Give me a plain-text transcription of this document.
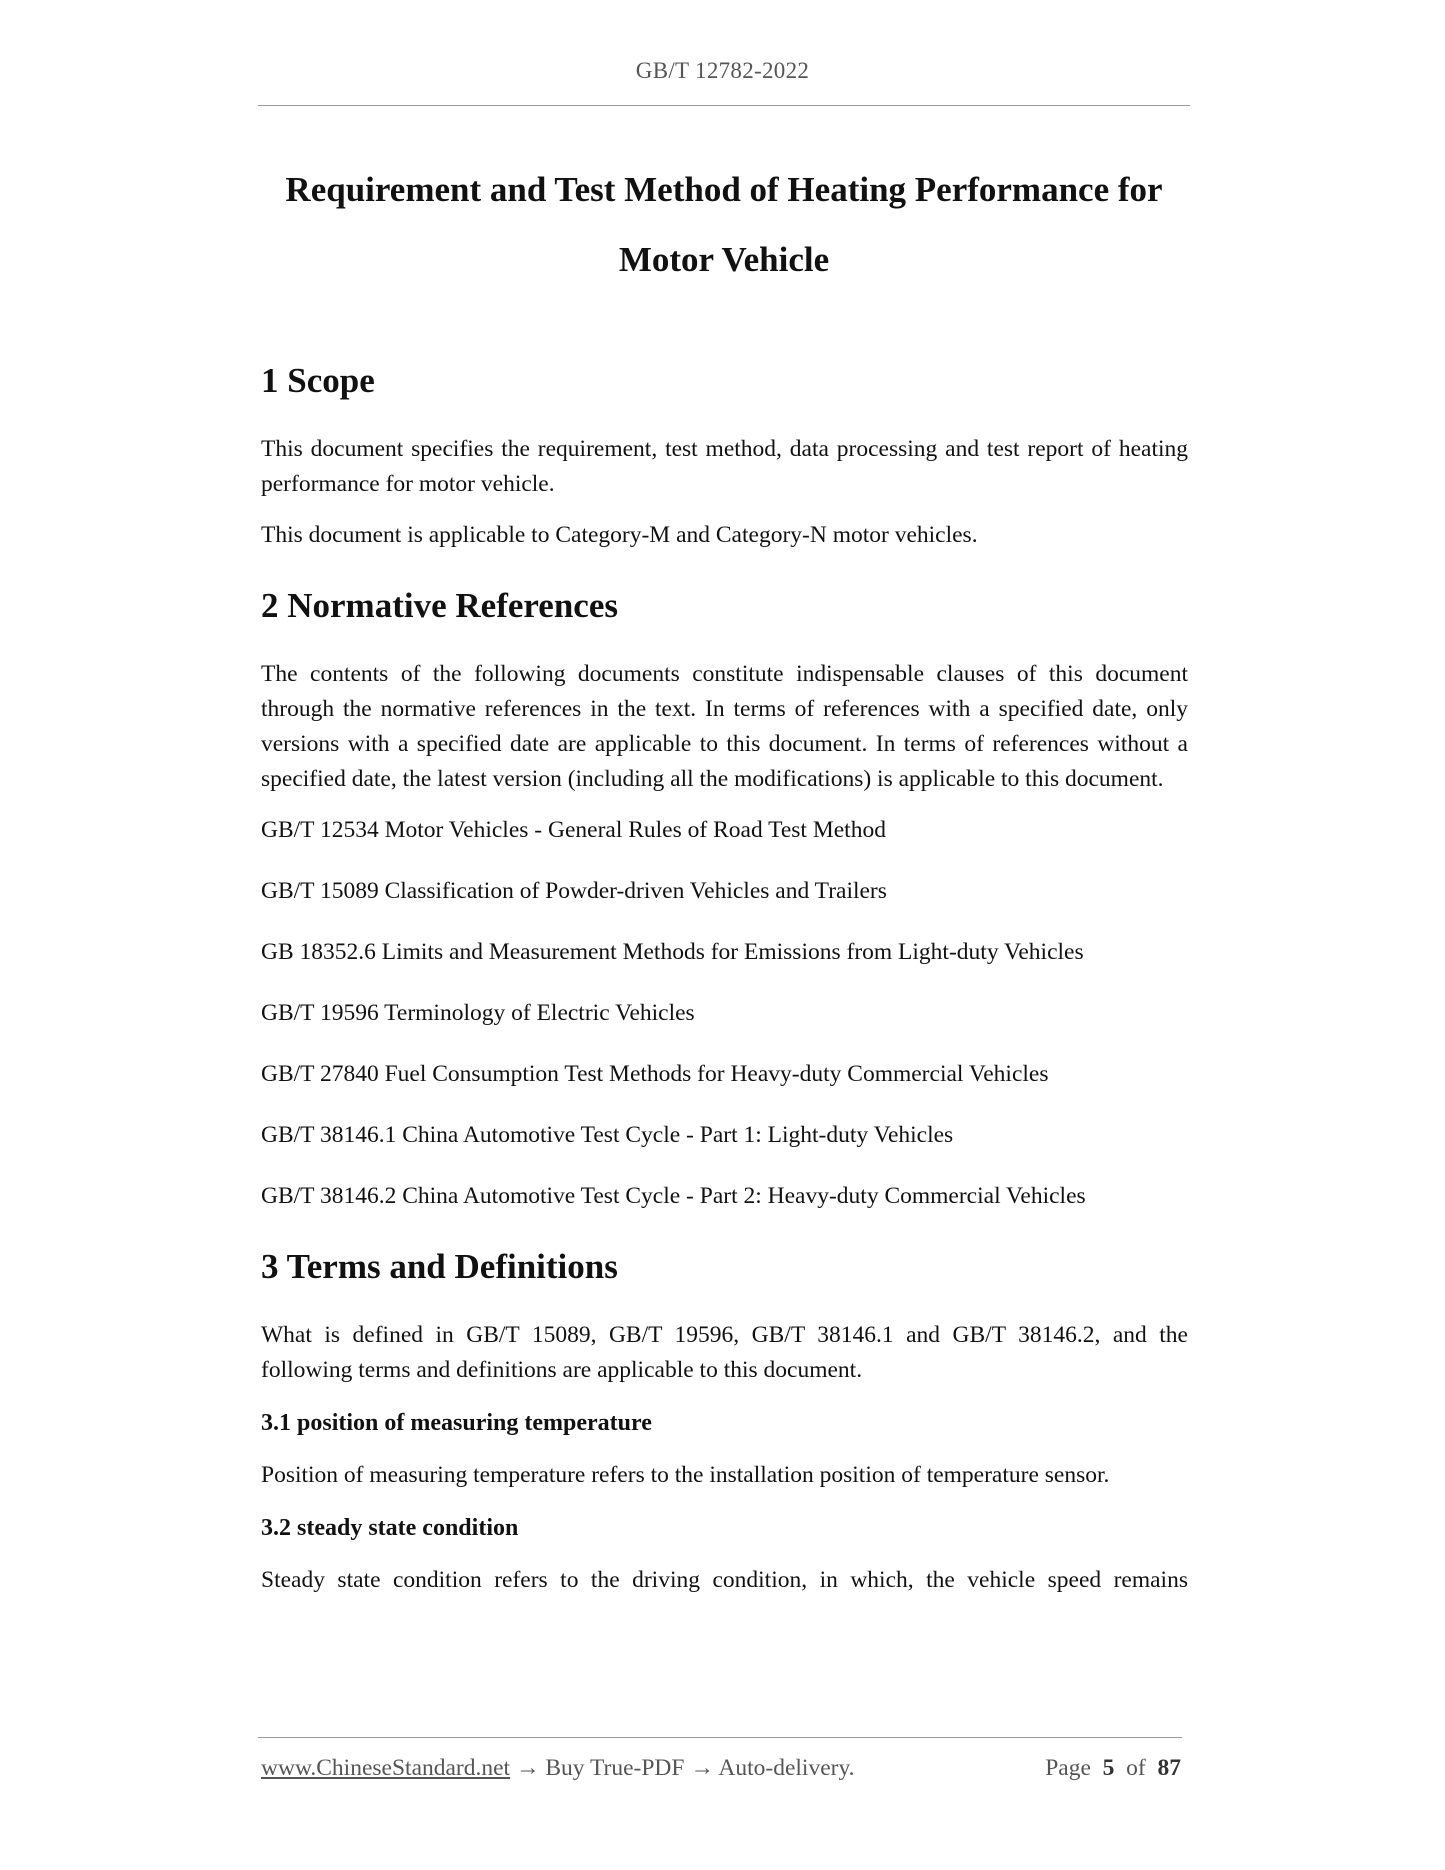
GB/T 12782-2022
Requirement and Test Method of Heating Performance for
Motor Vehicle
1 Scope

This document specifies the requirement, test method, data processing and test report of heating performance for motor vehicle.

This document is applicable to Category-M and Category-N motor vehicles.

2 Normative References

The contents of the following documents constitute indispensable clauses of this document through the normative references in the text. In terms of references with a specified date, only versions with a specified date are applicable to this document. In terms of references without a specified date, the latest version (including all the modifications) is applicable to this document.

GB/T 12534 Motor Vehicles - General Rules of Road Test Method

GB/T 15089 Classification of Powder-driven Vehicles and Trailers

GB 18352.6 Limits and Measurement Methods for Emissions from Light-duty Vehicles

GB/T 19596 Terminology of Electric Vehicles

GB/T 27840 Fuel Consumption Test Methods for Heavy-duty Commercial Vehicles

GB/T 38146.1 China Automotive Test Cycle - Part 1: Light-duty Vehicles

GB/T 38146.2 China Automotive Test Cycle - Part 2: Heavy-duty Commercial Vehicles

3 Terms and Definitions

What is defined in GB/T 15089, GB/T 19596, GB/T 38146.1 and GB/T 38146.2, and the following terms and definitions are applicable to this document.

3.1 position of measuring temperature

Position of measuring temperature refers to the installation position of temperature sensor.

3.2 steady state condition

Steady state condition refers to the driving condition, in which, the vehicle speed remains

www.ChineseStandard.net → Buy True-PDF → Auto-delivery.	Page 5 of 87
